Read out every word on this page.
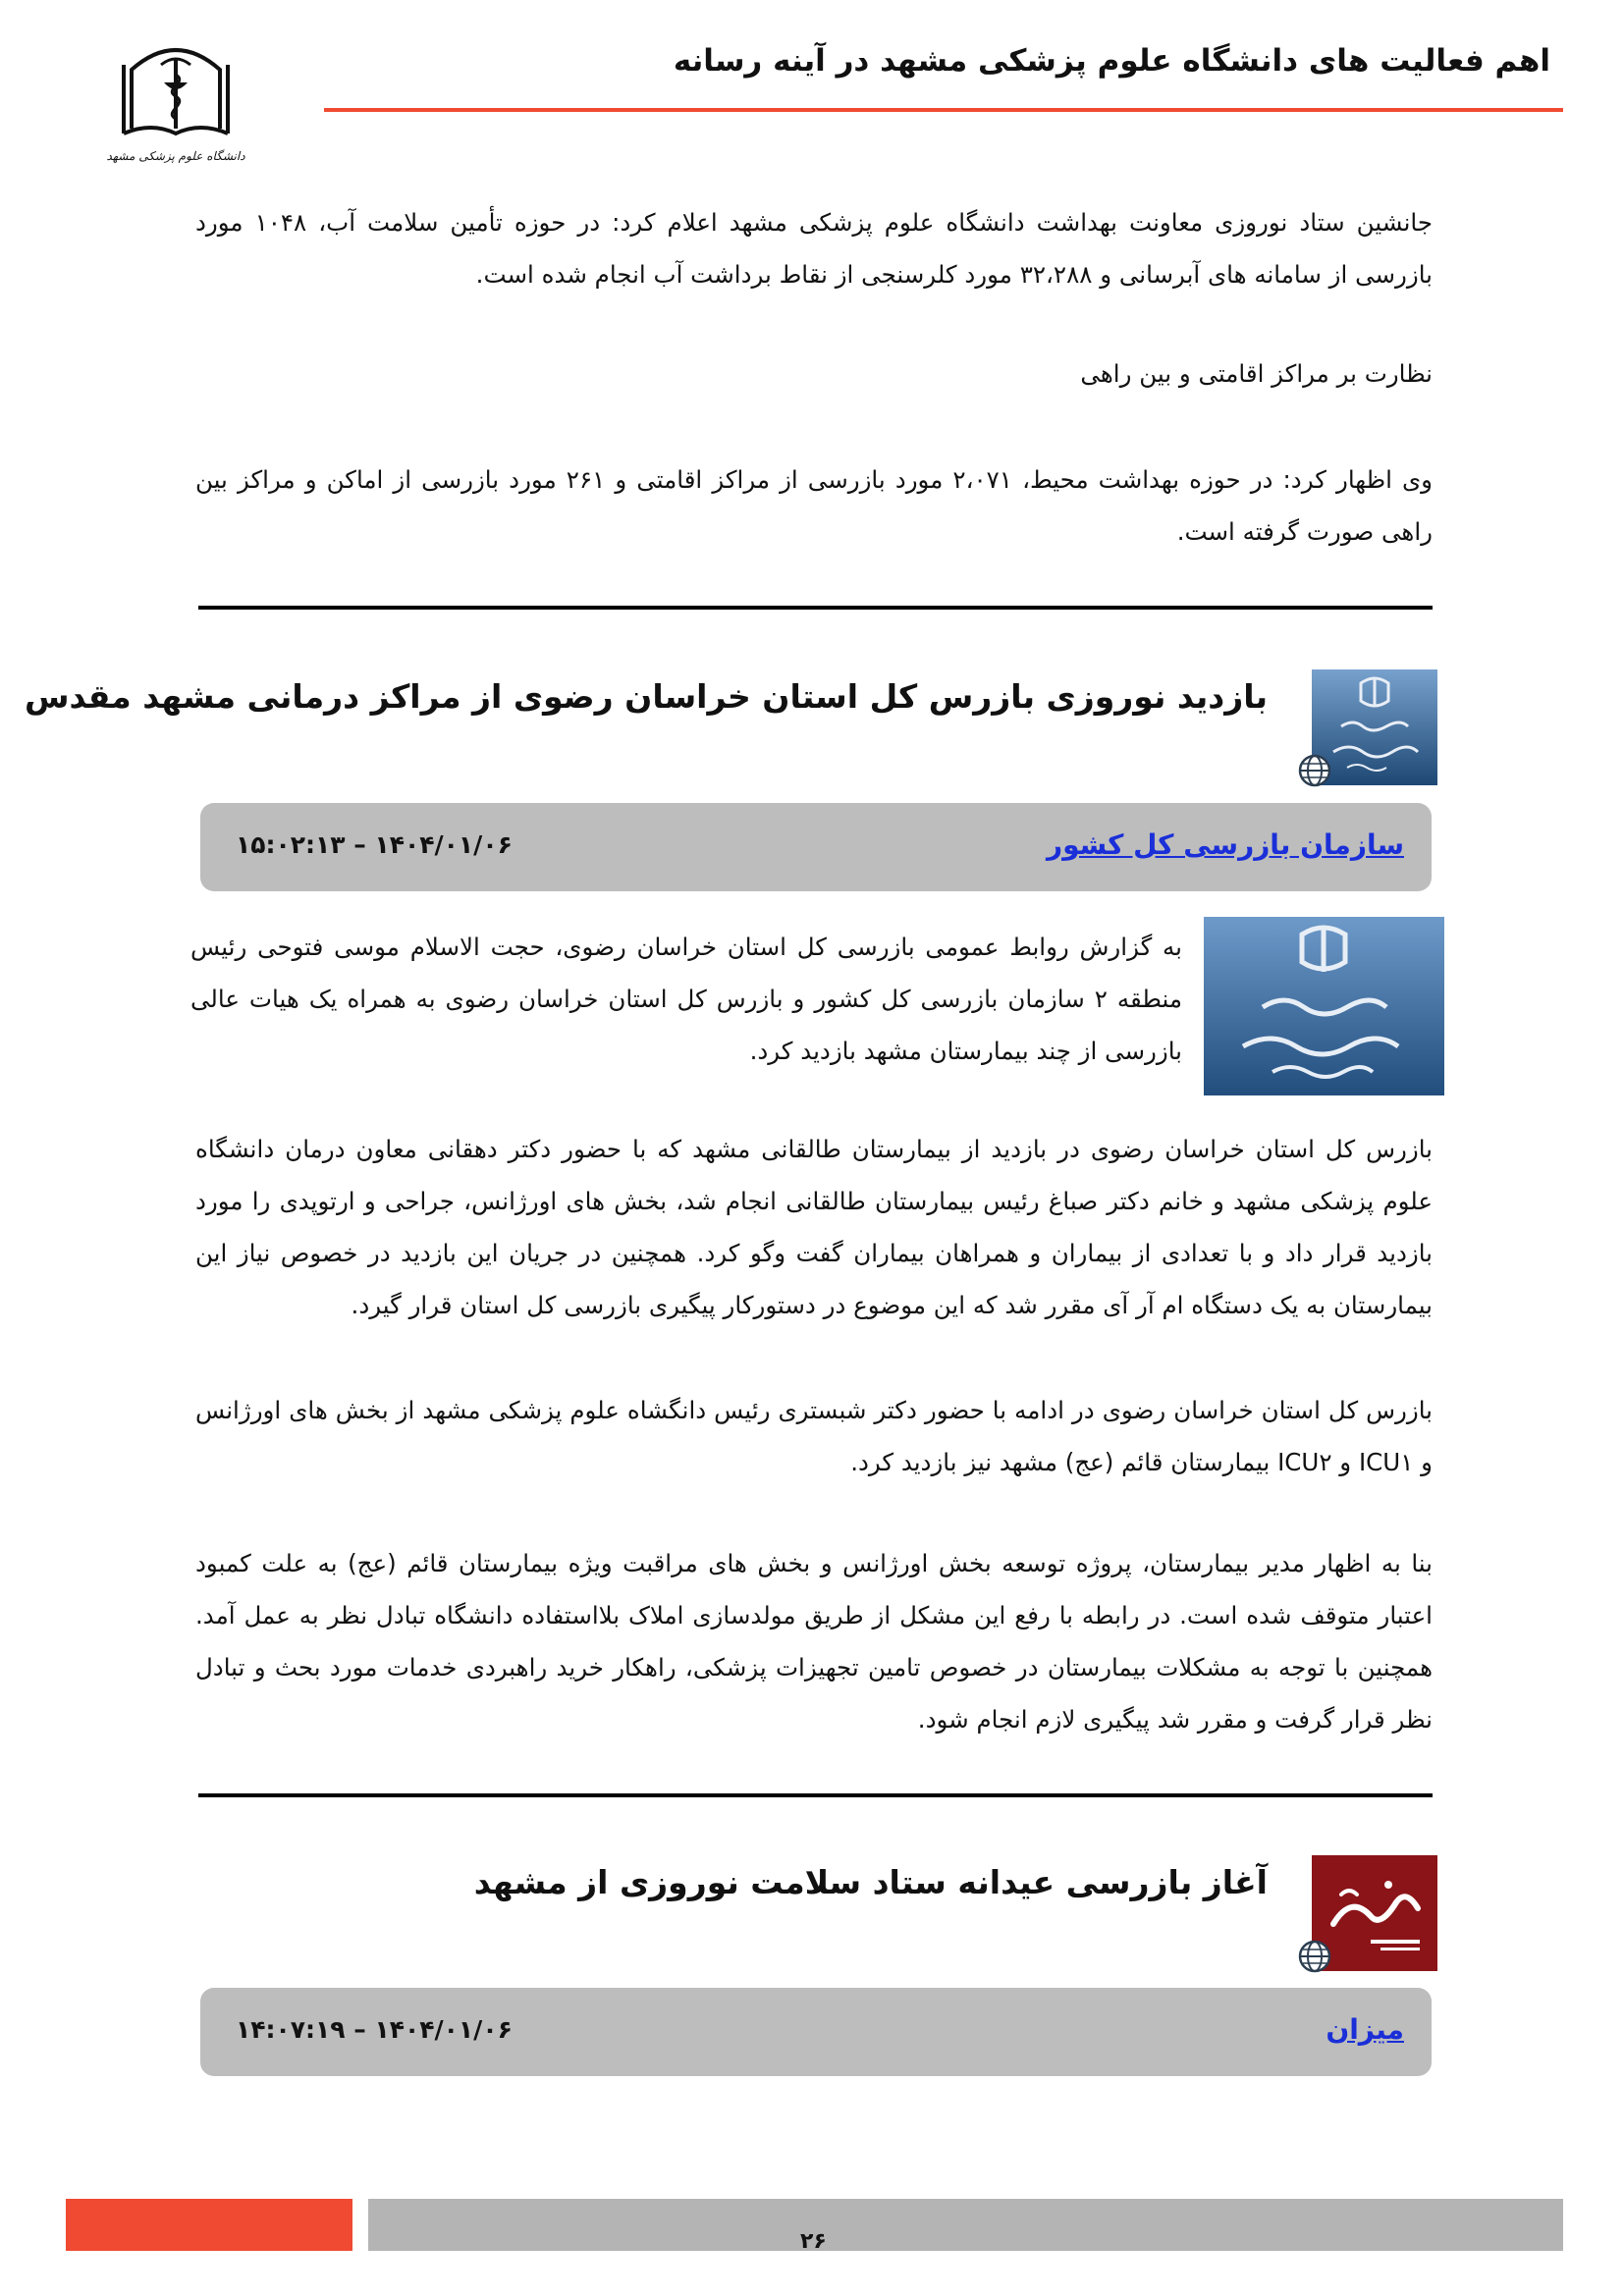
اهم فعالیت های دانشگاه علوم پزشکی مشهد در آینه رسانه
دانشگاه علوم پزشکی مشهد
جانشین ستاد نوروزی معاونت بهداشت دانشگاه علوم پزشکی مشهد اعلام کرد: در حوزه تأمین سلامت آب، ۱۰۴۸ مورد بازرسی از سامانه های آبرسانی و ۳۲،۲۸۸ مورد کلرسنجی از نقاط برداشت آب انجام شده است.
نظارت بر مراکز اقامتی و بین راهی
وی اظهار کرد: در حوزه بهداشت محیط، ۲،۰۷۱ مورد بازرسی از مراکز اقامتی و ۲۶۱ مورد بازرسی از اماکن و مراکز بین راهی صورت گرفته است.
بازدید نوروزی بازرس کل استان خراسان رضوی از مراکز درمانی مشهد مقدس
سازمان بازرسی کل کشور
۱۴۰۴/۰۱/۰۶ – ۱۵:۰۲:۱۳
به گزارش روابط عمومی بازرسی کل استان خراسان رضوی، حجت الاسلام موسی فتوحی رئیس منطقه ۲ سازمان بازرسی کل کشور و بازرس کل استان خراسان رضوی به همراه یک هیات عالی بازرسی از چند بیمارستان مشهد بازدید کرد.
بازرس کل استان خراسان رضوی در بازدید از بیمارستان طالقانی مشهد که با حضور دکتر دهقانی معاون درمان دانشگاه علوم پزشکی مشهد و خانم دکتر صباغ رئیس بیمارستان طالقانی انجام شد، بخش های اورژانس، جراحی و ارتوپدی را مورد بازدید قرار داد و با تعدادی از بیماران و همراهان بیماران گفت وگو کرد. همچنین در جریان این بازدید در خصوص نیاز این بیمارستان به یک دستگاه ام آر آی مقرر شد که این موضوع در دستورکار پیگیری بازرسی کل استان قرار گیرد.
بازرس کل استان خراسان رضوی در ادامه با حضور دکتر شبستری رئیس دانگشاه علوم پزشکی مشهد از بخش های اورژانس و ICU۱ و ICU۲ بیمارستان قائم (عج) مشهد نیز بازدید کرد.
بنا به اظهار مدیر بیمارستان، پروژه توسعه بخش اورژانس و بخش های مراقبت ویژه بیمارستان قائم (عج) به علت کمبود اعتبار متوقف شده است. در رابطه با رفع این مشکل از طریق مولدسازی املاک بلااستفاده دانشگاه تبادل نظر به عمل آمد. همچنین با توجه به مشکلات بیمارستان در خصوص تامین تجهیزات پزشکی، راهکار خرید راهبردی خدمات مورد بحث و تبادل نظر قرار گرفت و مقرر شد پیگیری لازم انجام شود.
آغاز بازرسی عیدانه ستاد سلامت نوروزی از مشهد
میزان
۱۴۰۴/۰۱/۰۶ – ۱۴:۰۷:۱۹
۲۶
